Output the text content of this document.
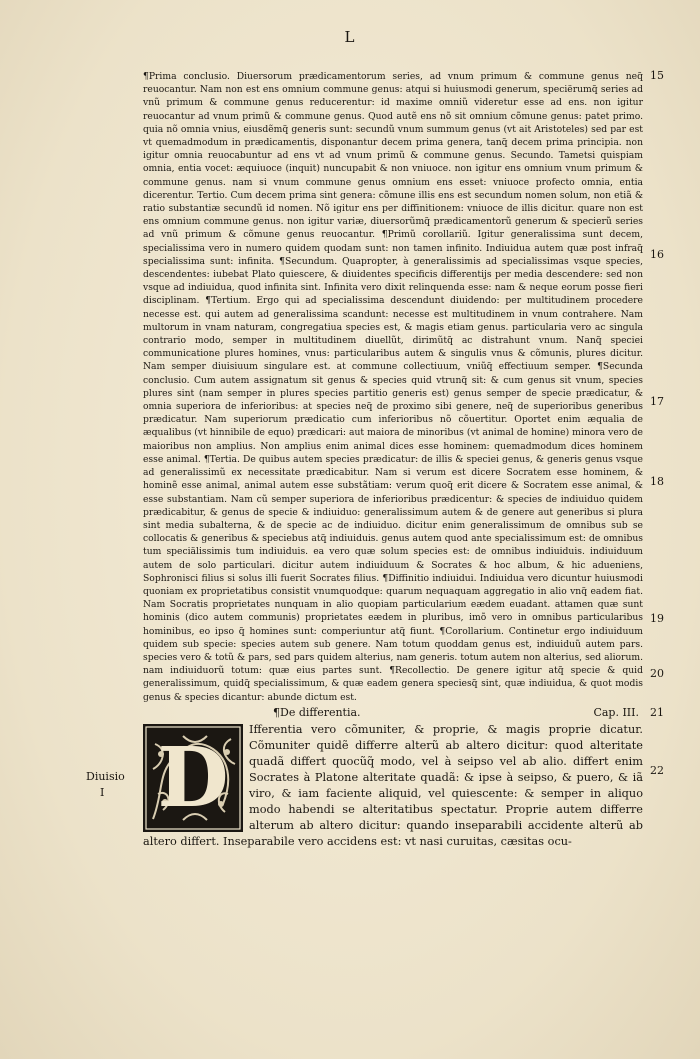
L
15
16
17
18
19
20
21
22
Diuisio
I

¶Prima conclusio. Diuersorum prædicamentorum series, ad vnum primum & commune genus neq̃ reuocantur. Nam non est ens omnium commune genus: atqui si huiusmodi generum, speciërumq̃ series ad vnũ primum & commune genus reducerentur: id maxime omniũ videretur esse ad ens. non igitur reuocantur ad vnum primũ & commune genus. Quod autẽ ens nõ sit omnium cõmune genus: patet primo. quia nõ omnia vnius, eiusdẽmq̃ generis sunt: secundũ vnum summum genus (vt ait Aristoteles) sed par est vt quemadmodum in prædicamentis, disponantur decem prima genera, tanq̃ decem prima principia. non igitur omnia reuocabuntur ad ens vt ad vnum primũ & commune genus. Secundo. Tametsi quispiam omnia, entia vocet: æquiuoce (inquit) nuncupabit & non vniuoce. non igitur ens omnium vnum primum & commune genus. nam si vnum commune genus omnium ens esset: vniuoce profecto omnia, entia dicerentur. Tertio. Cum decem prima sint genera: cõmune illis ens est secundum nomen solum, non etiã & ratio substantiæ secundũ id nomen. Nõ igitur ens per diffinitionem: vniuoce de illis dicitur. quare non est ens omnium commune genus. non igitur variæ, diuersorũmq̃ prædicamentorũ generum & specierũ series ad vnũ primum & cõmune genus reuocantur. ¶Primũ corollariũ. Igitur generalissima sunt decem, specialissima vero in numero quidem quodam sunt: non tamen infinito. Indiuidua autem quæ post infraq̃ specialissima sunt: infinita. ¶Secundum. Quapropter, à generalissimis ad specialissimas vsque species, descendentes: iubebat Plato quiescere, & diuidentes specificis differentijs per media descendere: sed non vsque ad indiuidua, quod infinita sint. Infinita vero dixit relinquenda esse: nam & neque eorum posse fieri disciplinam. ¶Tertium. Ergo qui ad specialissima descendunt diuidendo: per multitudinem procedere necesse est. qui autem ad generalissima scandunt: necesse est multitudinem in vnum contrahere. Nam multorum in vnam naturam, congregatiua species est, & magis etiam genus. particularia vero ac singula contrario modo, semper in multitudinem diuellũt, dirimũtq̃ ac distrahunt vnum. Nanq̃ speciei communicatione plures homines, vnus: particularibus autem & singulis vnus & cõmunis, plures dicitur. Nam semper diuisiuum singulare est. at commune collectiuum, vniũq̃ effectiuum semper. ¶Secunda conclusio. Cum autem assignatum sit genus & species quid vtrunq̃ sit: & cum genus sit vnum, species plures sint (nam semper in plures species partitio generis est) genus semper de specie prædicatur, & omnia superiora de inferioribus: at species neq̃ de proximo sibi genere, neq̃ de superioribus generibus prædicatur. Nam superiorum prædicatio cum inferioribus nõ cõuertitur. Oportet enim æqualia de æqualibus (vt hinnibile de equo) prædicari: aut maiora de minoribus (vt animal de homine) minora vero de maioribus non amplius. Non amplius enim animal dices esse hominem: quemadmodum dices hominem esse animal. ¶Tertia. De quibus autem species prædicatur: de illis & speciei genus, & generis genus vsque ad generalissimũ ex necessitate prædicabitur. Nam si verum est dicere Socratem esse hominem, & hominẽ esse animal, animal autem esse substãtiam: verum quoq̃ erit dicere & Socratem esse animal, & esse substantiam. Nam cũ semper superiora de inferioribus prædicentur: & species de indiuiduo quidem prædicabitur, & genus de specie & indiuiduo: generalissimum autem & de genere aut generibus si plura sint media subalterna, & de specie ac de indiuiduo. dicitur enim generalissimum de omnibus sub se collocatis & generibus & speciebus atq̃ indiuiduis. genus autem quod ante specialissimum est: de omnibus tum speciälissimis tum indiuiduis. ea vero quæ solum species est: de omnibus indiuiduis. indiuiduum autem de solo particulari. dicitur autem indiuiduum & Socrates & hoc album, & hic adueniens, Sophronisci filius si solus illi fuerit Socrates filius. ¶Diffinitio indiuidui. Indiuidua vero dicuntur huiusmodi quoniam ex proprietatibus consistit vnumquodque: quarum nequaquam aggregatio in alio vnq̃ eadem fiat. Nam Socratis proprietates nunquam in alio quopiam particularium eædem euadant. attamen quæ sunt hominis (dico autem communis) proprietates eædem in pluribus, imõ vero in omnibus particularibus hominibus, eo ipso q̃ homines sunt: comperiuntur atq̃ fiunt. ¶Corollarium. Continetur ergo indiuiduum quidem sub specie: species autem sub genere. Nam totum quoddam genus est, indiuiduũ autem pars. species vero & totũ & pars, sed pars quidem alterius, nam generis. totum autem non alterius, sed aliorum. nam indiuiduorũ totum: quæ eius partes sunt. ¶Recollectio. De genere igitur atq̃ specie & quid generalissimum, quidq̃ specialissimum, & quæ eadem genera speciesq̃ sint, quæ indiuidua, & quot modis genus & species dicantur: abunde dictum est.

¶De differentia.	Cap. III.
D
Ifferentia vero cõmuniter, & proprie, & magis proprie dicatur. Cõmuniter quidẽ differre alterũ ab altero dicitur: quod alteritate quadã differt quocũq̃ modo, vel à seipso vel ab alio. differt enim Socrates à Platone alteritate quadã: & ipse à seipso, & puero, & iã viro, & iam faciente aliquid, vel quiescente: & semper in aliquo modo habendi se alteritatibus spectatur. Proprie autem differre alterum ab altero dicitur: quando inseparabili accidente alterũ ab altero differt. Inseparabile vero accidens est: vt nasi curuitas, cæsitas ocu-
